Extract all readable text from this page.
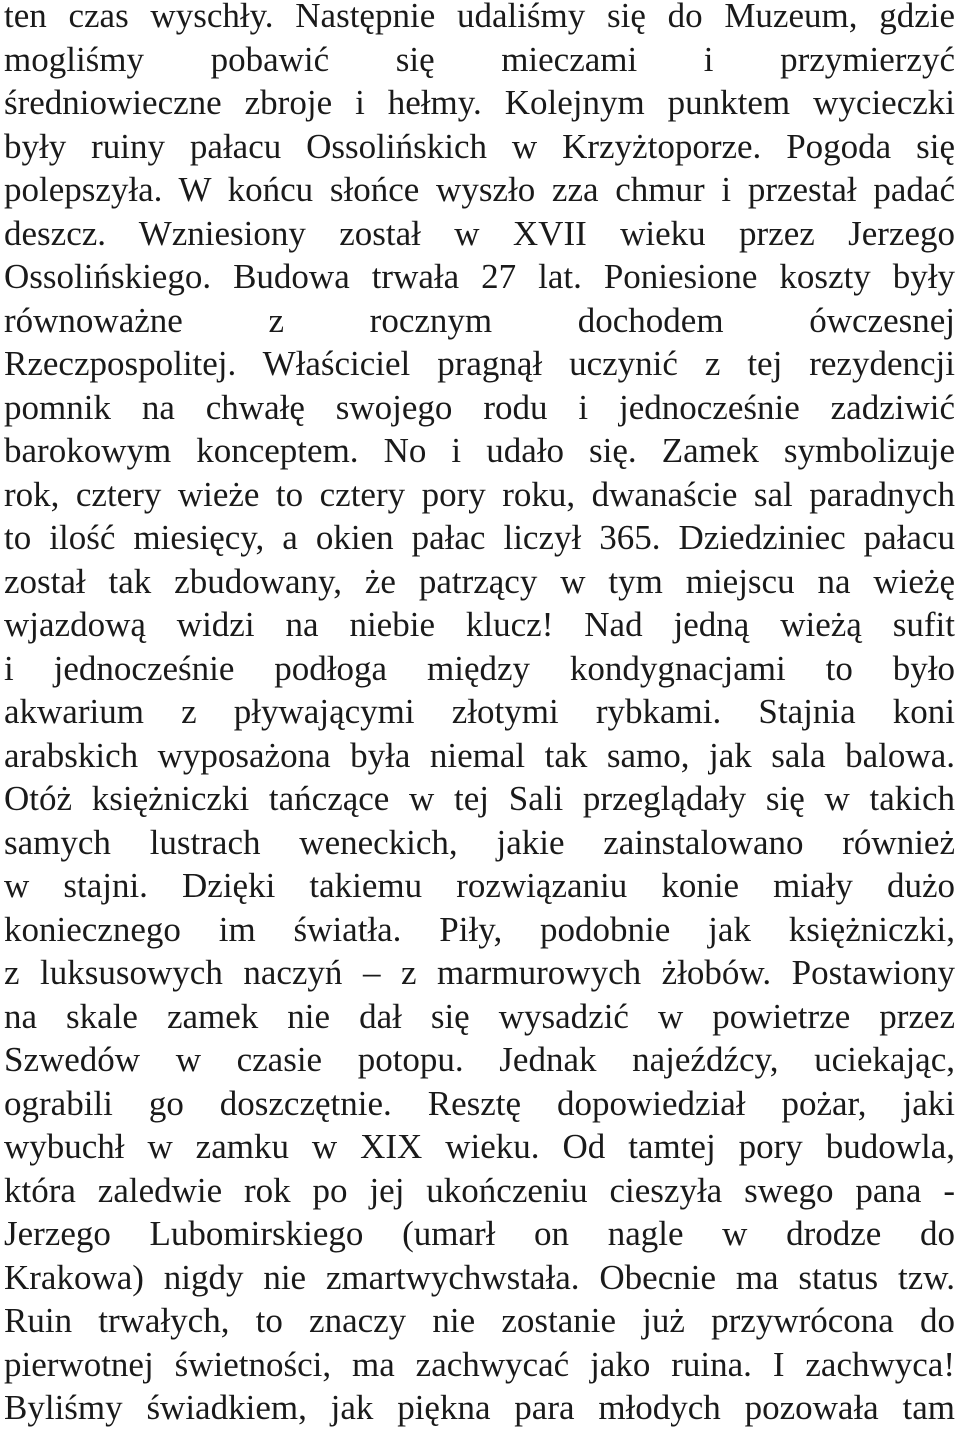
ten czas wyschły. Następnie udaliśmy się do Muzeum, gdzie
mogliśmy pobawić się mieczami i przymierzyć
średniowieczne zbroje i hełmy. Kolejnym punktem wycieczki
były ruiny pałacu Ossolińskich w Krzyżtoporze. Pogoda się
polepszyła. W końcu słońce wyszło zza chmur i przestał padać
deszcz. Wzniesiony został w XVII wieku przez Jerzego
Ossolińskiego. Budowa trwała 27 lat. Poniesione koszty były
równoważne z rocznym dochodem ówczesnej
Rzeczpospolitej. Właściciel pragnął uczynić z tej rezydencji
pomnik na chwałę swojego rodu i jednocześnie zadziwić
barokowym konceptem. No i udało się. Zamek symbolizuje
rok, cztery wieże to cztery pory roku, dwanaście sal paradnych
to ilość miesięcy, a okien pałac liczył 365. Dziedziniec pałacu
został tak zbudowany, że patrzący w tym miejscu na wieżę
wjazdową widzi na niebie klucz! Nad jedną wieżą sufit
i jednocześnie podłoga między kondygnacjami to było
akwarium z pływającymi złotymi rybkami. Stajnia koni
arabskich wyposażona była niemal tak samo, jak sala balowa.
Otóż księżniczki tańczące w tej Sali przeglądały się w takich
samych lustrach weneckich, jakie zainstalowano również
w stajni. Dzięki takiemu rozwiązaniu konie miały dużo
koniecznego im światła. Piły, podobnie jak księżniczki,
z luksusowych naczyń – z marmurowych żłobów. Postawiony
na skale zamek nie dał się wysadzić w powietrze przez
Szwedów w czasie potopu. Jednak najeźdźcy, uciekając,
ograbili go doszczętnie. Resztę dopowiedział pożar, jaki
wybuchł w zamku w XIX wieku. Od tamtej pory budowla,
która zaledwie rok po jej ukończeniu cieszyła swego pana -
Jerzego Lubomirskiego (umarł on nagle w drodze do
Krakowa) nigdy nie zmartwychwstała. Obecnie ma status tzw.
Ruin trwałych, to znaczy nie zostanie już przywrócona do
pierwotnej świetności, ma zachwycać jako ruina. I zachwyca!
Byliśmy świadkiem, jak piękna para młodych pozowała tam
